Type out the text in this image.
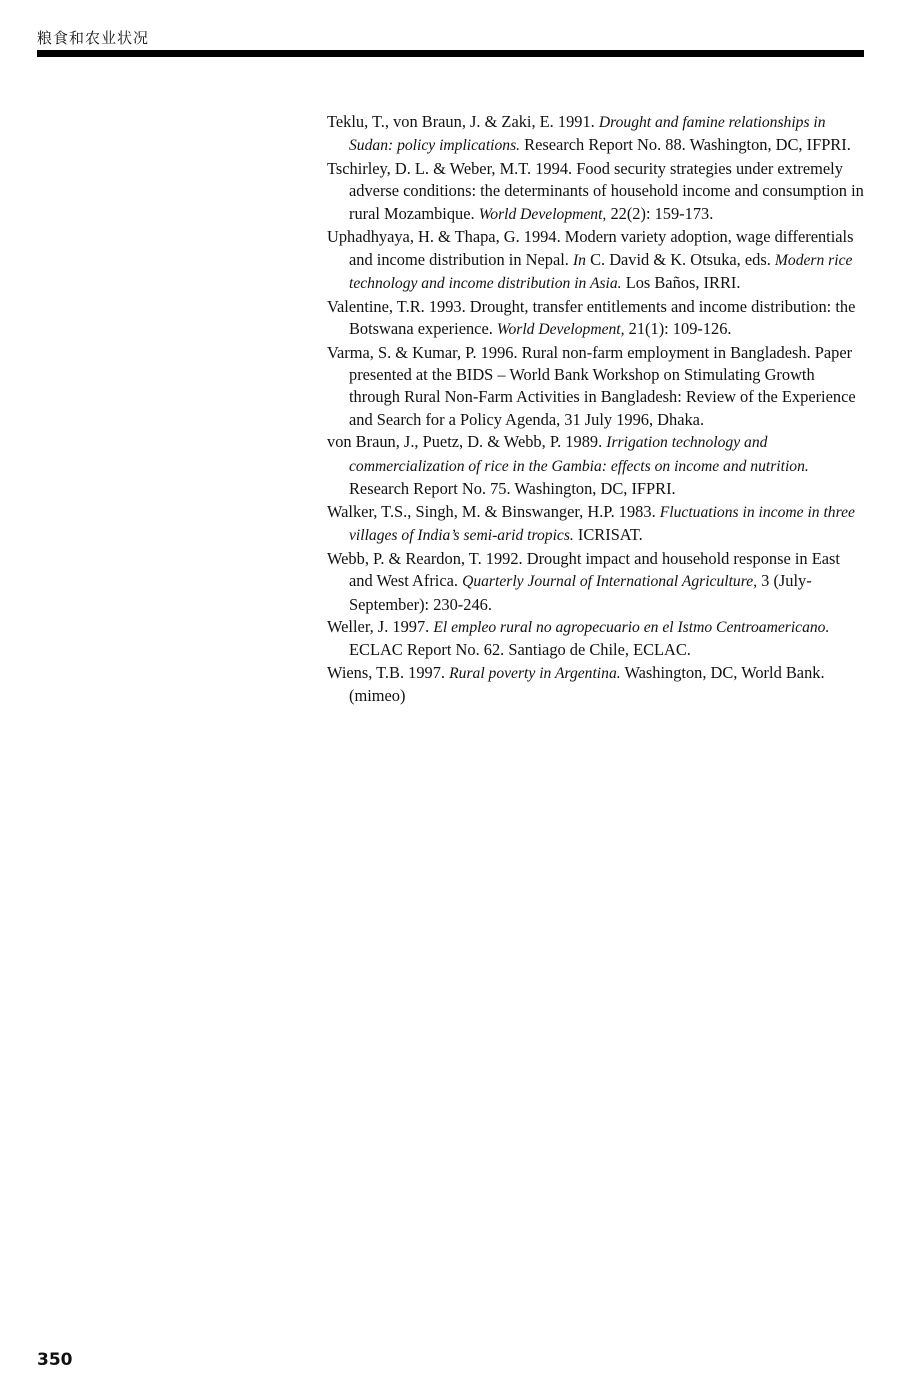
粮食和农业状况

Teklu, T., von Braun, J. & Zaki, E. 1991. Drought and famine relationships in Sudan: policy implications. Research Report No. 88. Washington, DC, IFPRI.

Tschirley, D. L. & Weber, M.T. 1994. Food security strategies under extremely adverse conditions: the determinants of household income and consumption in rural Mozambique. World Development, 22(2): 159-173.

Uphadhyaya, H. & Thapa, G. 1994. Modern variety adoption, wage differentials and income distribution in Nepal. In C. David & K. Otsuka, eds. Modern rice technology and income distribution in Asia. Los Baños, IRRI.

Valentine, T.R. 1993. Drought, transfer entitlements and income distribution: the Botswana experience. World Development, 21(1): 109-126.

Varma, S. & Kumar, P. 1996. Rural non-farm employment in Bangladesh. Paper presented at the BIDS – World Bank Workshop on Stimulating Growth through Rural Non-Farm Activities in Bangladesh: Review of the Experience and Search for a Policy Agenda, 31 July 1996, Dhaka.

von Braun, J., Puetz, D. & Webb, P. 1989. Irrigation technology and commercialization of rice in the Gambia: effects on income and nutrition. Research Report No. 75. Washington, DC, IFPRI.

Walker, T.S., Singh, M. & Binswanger, H.P. 1983. Fluctuations in income in three villages of India’s semi-arid tropics. ICRISAT.

Webb, P. & Reardon, T. 1992. Drought impact and household response in East and West Africa. Quarterly Journal of International Agriculture, 3 (July-September): 230-246.

Weller, J. 1997. El empleo rural no agropecuario en el Istmo Centroamericano. ECLAC Report No. 62. Santiago de Chile, ECLAC.

Wiens, T.B. 1997. Rural poverty in Argentina. Washington, DC, World Bank. (mimeo)

350
